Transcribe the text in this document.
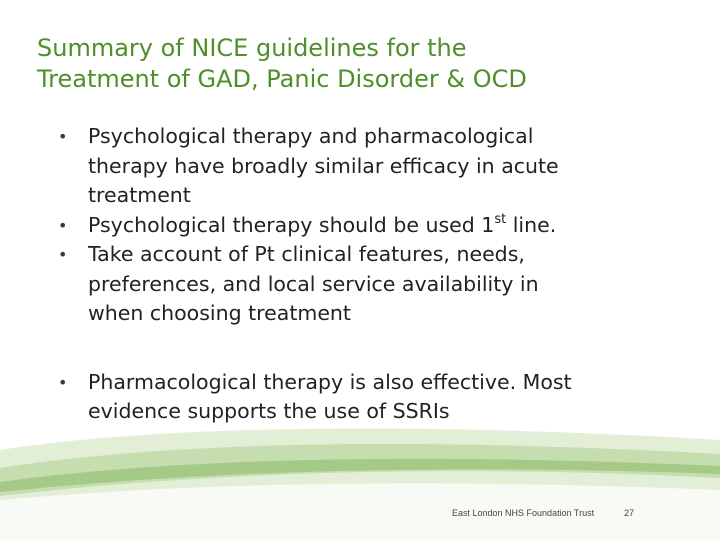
Summary of NICE guidelines for the
Treatment of GAD, Panic Disorder & OCD
•	Psychological therapy and pharmacological
therapy have broadly similar efficacy in acute
treatment
•	Psychological therapy should be used 1st line.
•	Take account of Pt clinical features, needs,
preferences, and local service availability in
when choosing treatment
•	Pharmacological therapy is also effective. Most
evidence supports the use of SSRIs
East London NHS Foundation Trust	27
